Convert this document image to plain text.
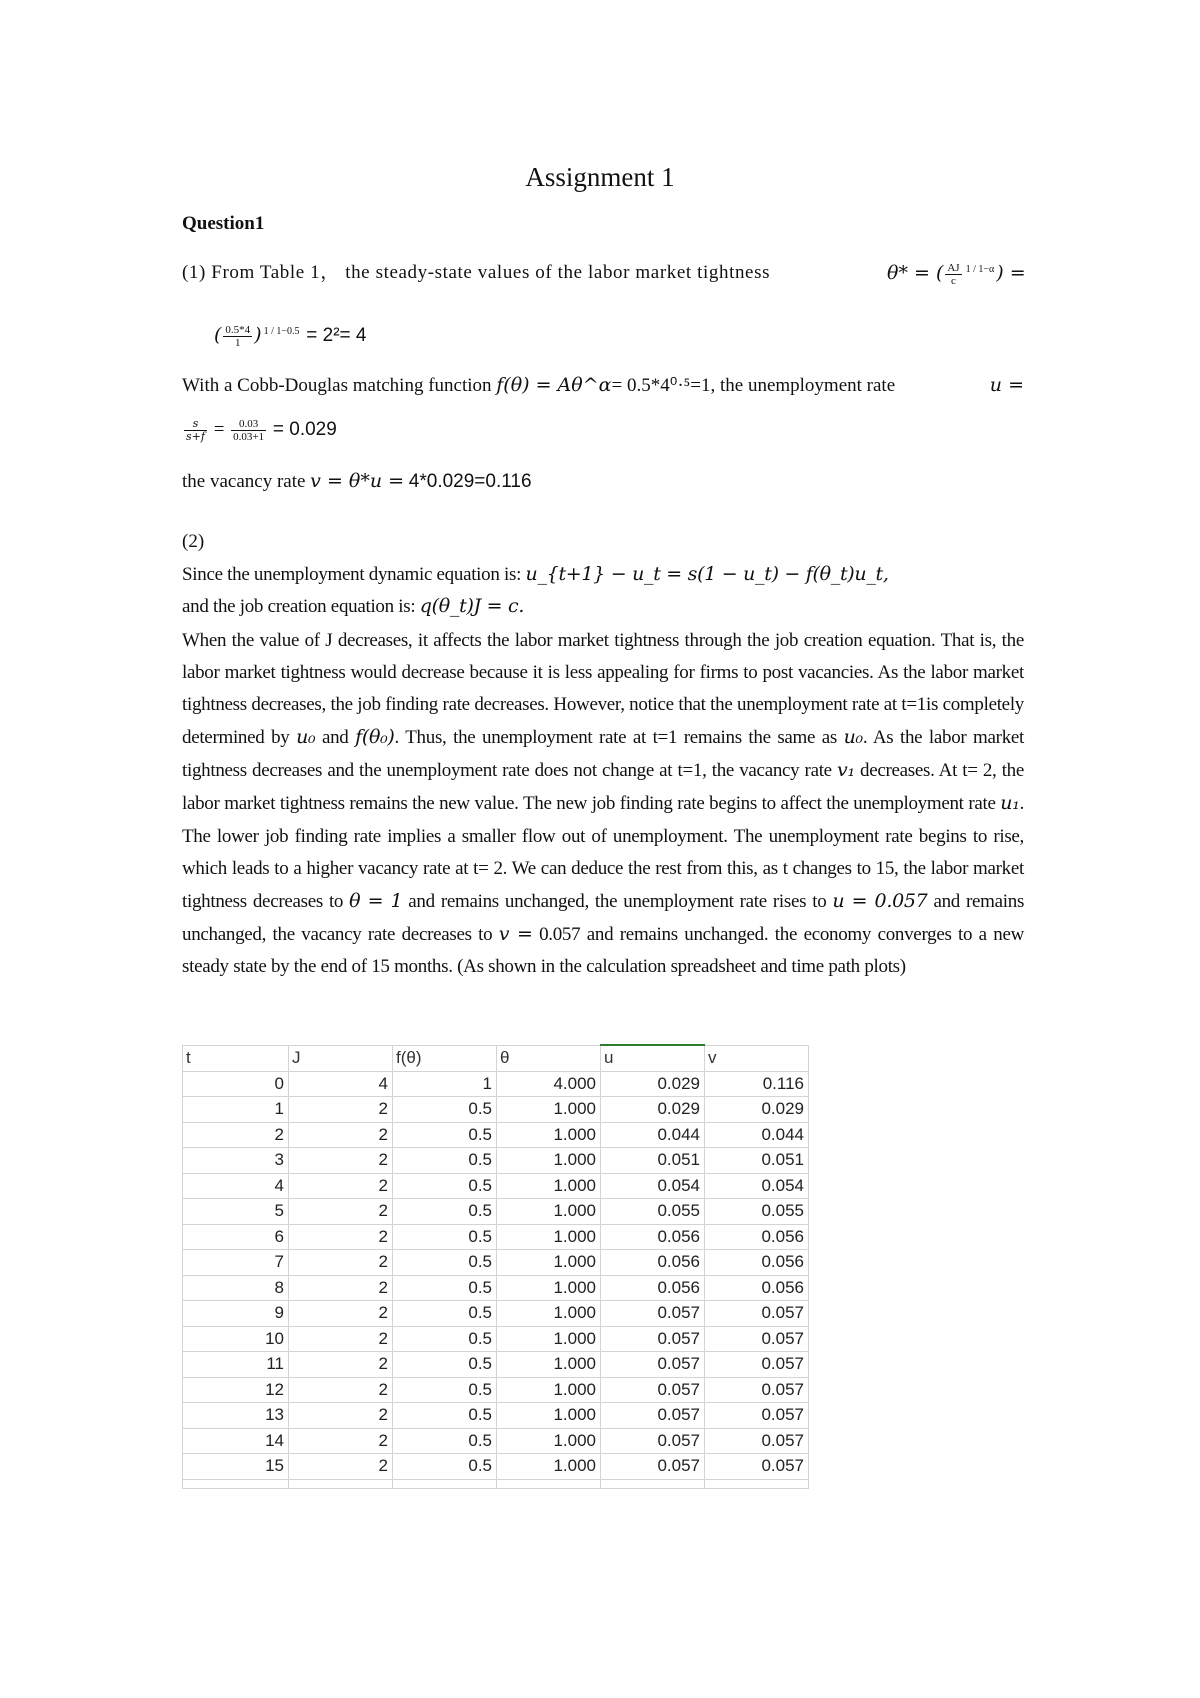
Assignment 1
Question1
(1) From Table 1， the steady-state values of the labor market tightness	θ* = ( $\frac{AJ}{c} 1 / 1-\alpha$ ) =
( $\frac{0.5*4}{1}$ ) 1 / 1−0.5 = 2²= 4
With a Cobb-Douglas matching function f(θ) = Aθ^α= 0.5*4⁰·⁵=1, the unemployment rate	u =
$\frac{s}{s+f} = \frac{0.03}{0.03+1} = 0.029$
the vacancy rate v = θ*u = 4*0.029=0.116
(2)
Since the unemployment dynamic equation is: u_{t+1} − u_t = s(1 − u_t) − f(θ_t)u_t,
and the job creation equation is: q(θ_t)J = c.

When the value of J decreases, it affects the labor market tightness through the job creation equation. That is, the labor market tightness would decrease because it is less appealing for firms to post vacancies. As the labor market tightness decreases, the job finding rate decreases. However, notice that the unemployment rate at t=1is completely determined by u₀ and f(θ₀). Thus, the unemployment rate at t=1 remains the same as u₀. As the labor market tightness decreases and the unemployment rate does not change at t=1, the vacancy rate v₁ decreases. At t= 2, the labor market tightness remains the new value. The new job finding rate begins to affect the unemployment rate u₁. The lower job finding rate implies a smaller flow out of unemployment. The unemployment rate begins to rise, which leads to a higher vacancy rate at t= 2. We can deduce the rest from this, as t changes to 15, the labor market tightness decreases to θ = 1 and remains unchanged, the unemployment rate rises to u = 0.057 and remains unchanged, the vacancy rate decreases to v = 0.057 and remains unchanged. the economy converges to a new steady state by the end of 15 months. (As shown in the calculation spreadsheet and time path plots)

t	J	f(θ)	θ	u	v
0	4	1	4.000	0.029	0.116
1	2	0.5	1.000	0.029	0.029
2	2	0.5	1.000	0.044	0.044
3	2	0.5	1.000	0.051	0.051
4	2	0.5	1.000	0.054	0.054
5	2	0.5	1.000	0.055	0.055
6	2	0.5	1.000	0.056	0.056
7	2	0.5	1.000	0.056	0.056
8	2	0.5	1.000	0.056	0.056
9	2	0.5	1.000	0.057	0.057
10	2	0.5	1.000	0.057	0.057
11	2	0.5	1.000	0.057	0.057
12	2	0.5	1.000	0.057	0.057
13	2	0.5	1.000	0.057	0.057
14	2	0.5	1.000	0.057	0.057
15	2	0.5	1.000	0.057	0.057
